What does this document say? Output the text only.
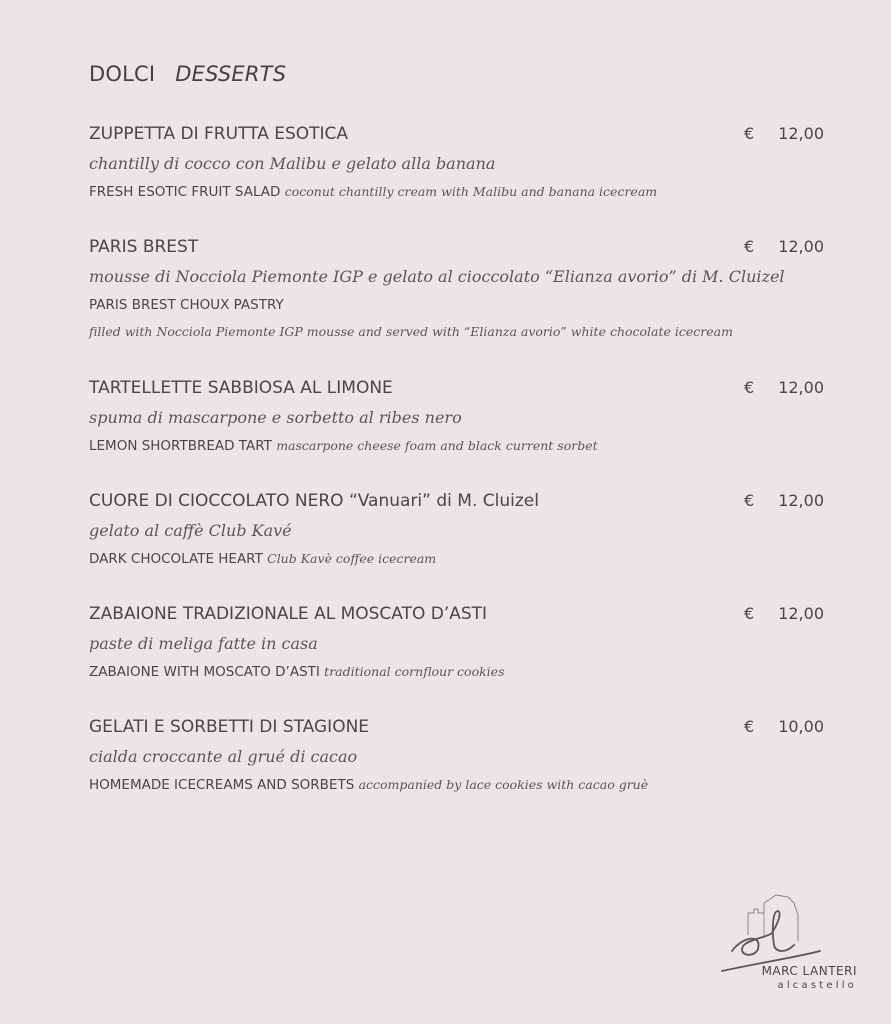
DOLCI DESSERTS
ZUPPETTA DI FRUTTA ESOTICA
chantilly di cocco con Malibu e gelato alla banana
FRESH ESOTIC FRUIT SALAD coconut chantilly cream with Malibu and banana icecream
€ 12,00
PARIS BREST
mousse di Nocciola Piemonte IGP e gelato al cioccolato “Elianza avorio” di M. Cluizel
PARIS BREST CHOUX PASTRY
filled with Nocciola Piemonte IGP mousse and served with “Elianza avorio” white chocolate icecream
€ 12,00
TARTELLETTE SABBIOSA AL LIMONE
spuma di mascarpone e sorbetto al ribes nero
LEMON SHORTBREAD TART mascarpone cheese foam and black current sorbet
€ 12,00
CUORE DI CIOCCOLATO NERO “Vanuari” di M. Cluizel
gelato al caffè Club Kavé
DARK CHOCOLATE HEART Club Kavè coffee icecream
€ 12,00
ZABAIONE TRADIZIONALE AL MOSCATO D’ASTI
paste di meliga fatte in casa
ZABAIONE WITH MOSCATO D’ASTI traditional cornflour cookies
€ 12,00
GELATI E SORBETTI DI STAGIONE
cialda croccante al grué di cacao
HOMEMADE ICECREAMS AND SORBETS accompanied by lace cookies with cacao gruè
€ 10,00
MARC LANTERI
alcastello
